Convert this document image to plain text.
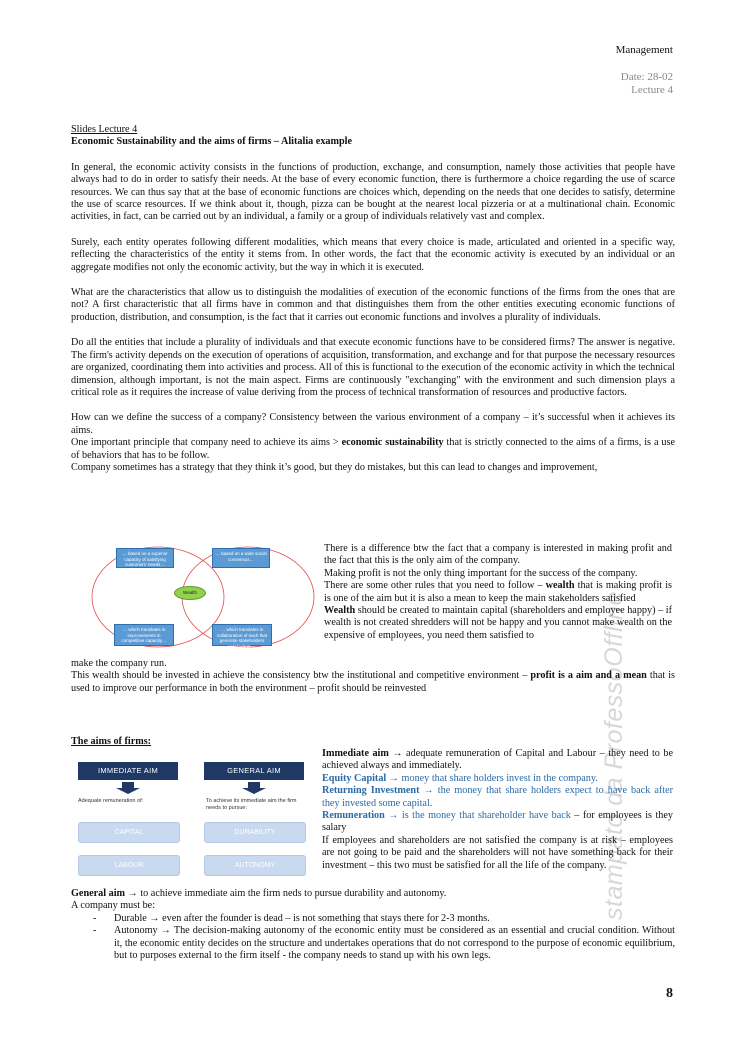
Management
Date: 28-02
Lecture 4
stampato da ProfessoOffline

Slides Lecture 4

Economic Sustainability and the aims of firms – Alitalia example

In general, the economic activity consists in the functions of production, exchange, and consumption, namely those activities that people have always had to do in order to satisfy their needs. At the base of every economic function, there is furthermore a choice regarding the use of scarce resources. We can thus say that at the base of economic functions are choices which, depending on the needs that one decides to satisfy, determine the use of scarce resources. If we think about it, though, pizza can be bought at the nearest local pizzeria or at a multinational chain. Economic activities, in fact, can be carried out by an individual, a family or a group of individuals relatively vast and complex.

Surely, each entity operates following different modalities, which means that every choice is made, articulated and oriented in a specific way, reflecting the characteristics of the entity it stems from. In other words, the fact that the economic activity is executed by an individual or an aggregate modifies not only the economic activity, but the way in which it is executed.

What are the characteristics that allow us to distinguish the modalities of execution of the economic functions of the firms from the ones that are not? A first characteristic that all firms have in common and that distinguishes them from the other entities executing economic functions of production, distribution, and consumption, is the fact that it carries out economic functions and involves a plurality of individuals.

Do all the entities that include a plurality of individuals and that execute economic functions have to be considered firms? The answer is negative. The firm's activity depends on the execution of operations of acquisition, transformation, and exchange and for that purpose the necessary resources are organized, coordinating them into activities and process. All of this is functional to the execution of the economic activity in which the technical dimension, although important, is not the main aspect. Firms are continuously "exchanging" with the environment and such dimension plays a critical role as it requires the increase of value deriving from the process of technical transformation of resources and productive factors.

How can we define the success of a company? Consistency between the various environment of a company – it’s successful when it achieves its aims.

One important principle that company need to achieve its aims > economic sustainability that is strictly connected to the aims of a firms, is a use of behaviors that has to be follow.

Company sometimes has a strategy that they think it’s good, but they do mistakes, but this can lead to changes and improvement,

… based on a superior capacity of satisfying customers' needs…
… based on a wide social consensus…
Wealth
… which translates in improvements in competitive capacity…
… which translates in collaboration of each that generate stakeholders satisfaction …

There is a difference btw the fact that a company is interested in making profit and the fact that this is the only aim of the company.

Making profit is not the only thing important for the success of the company.

There are some other rules that you need to follow – wealth that is making profit is is one of the aim but it is also a mean to keep the main stakeholders satisfied

Wealth should be created to maintain capital (shareholders and employee happy) – if wealth is not created shredders will not be happy and you cannot make wealth on the expensive of employees, you need them satisfied to

make the company run.

This wealth should be invested in achieve the consistency btw the institutional and competitive environment – profit is a aim and a mean that is used to improve our performance in both the environment – profit should be reinvested

The aims of firms:
IMMEDIATE AIM	GENERAL AIM
Adequate remuneration of:	To achieve its immediate aim the firm needs to pursue:
CAPITAL	DURABILITY
LABOUR	AUTONOMY

Immediate aim → adequate remuneration of Capital and Labour – they need to be achieved always and immediately.

Equity Capital → money that share holders invest in the company.

Returning Investment → the money that share holders expect to have back after they invested some capital.

Remuneration → is the money that shareholder have back – for employees is they salary

If employees and shareholders are not satisfied the company is at risk – employees are not going to be paid and the shareholders will not have something back for their investment – this two must be satisfied for all the life of the company.

General aim → to achieve immediate aim the firm neds to pursue durability and autonomy.

A company must be:

- Durable → even after the founder is dead – is not something that stays there for 2-3 months.
- Autonomy → The decision-making autonomy of the economic entity must be considered as an essential and crucial condition. Without it, the economic entity decides on the structure and undertakes operations that do not correspond to the purpose of economic equilibrium, but to purposes external to the firm itself - the company needs to stand up with his own legs.
8
